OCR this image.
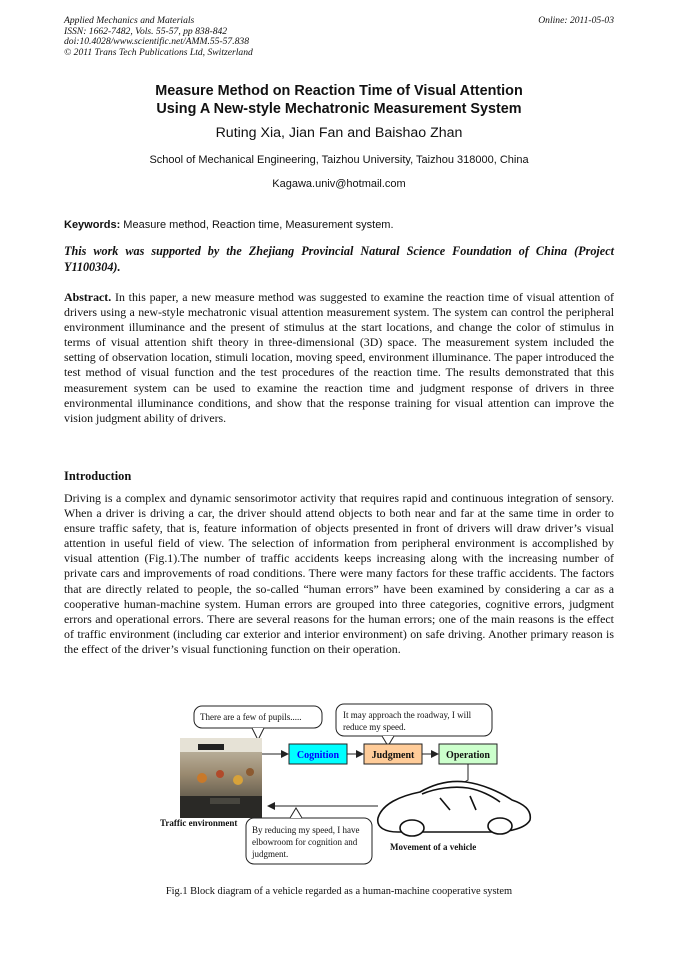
Applied Mechanics and Materials
ISSN: 1662-7482, Vols. 55-57, pp 838-842
doi:10.4028/www.scientific.net/AMM.55-57.838
© 2011 Trans Tech Publications Ltd, Switzerland
Online: 2011-05-03
Measure Method on Reaction Time of Visual Attention
Using A New-style Mechatronic Measurement System
Ruting Xia, Jian Fan and Baishao Zhan
School of Mechanical Engineering, Taizhou University, Taizhou 318000, China
Kagawa.univ@hotmail.com
Keywords: Measure method, Reaction time, Measurement system.
This work was supported by the Zhejiang Provincial Natural Science Foundation of China (Project Y1100304).

Abstract. In this paper, a new measure method was suggested to examine the reaction time of visual attention of drivers using a new-style mechatronic visual attention measurement system. The system can control the peripheral environment illuminance and the present of stimulus at the start locations, and change the color of stimulus in terms of visual attention shift theory in three-dimensional (3D) space. The measurement system included the setting of observation location, stimuli location, moving speed, environment illuminance. The paper introduced the test method of visual function and the test procedures of the reaction time. The results demonstrated that this measurement system can be used to examine the reaction time and judgment response of drivers in three environmental illuminance conditions, and show that the response training for visual attention can improve the vision judgment ability of drivers.

Introduction

Driving is a complex and dynamic sensorimotor activity that requires rapid and continuous integration of sensory. When a driver is driving a car, the driver should attend objects to both near and far at the same time in order to ensure traffic safety, that is, feature information of objects presented in front of drivers will draw driver’s visual attention in useful field of view. The selection of information from peripheral environment is accomplished by visual attention (Fig.1).The number of traffic accidents keeps increasing along with the increasing number of private cars and improvements of road conditions. There were many factors for these traffic accidents. The factors that are directly related to people, the so-called “human errors” have been examined by considering a car as a cooperative human-machine system. Human errors are grouped into three categories, cognitive errors, judgment errors and operational errors. There are several reasons for the human errors; one of the main reasons is the effect of traffic environment (including car exterior and interior environment) on safe driving. Another primary reason is the effect of the driver’s visual functioning function on their operation.

There are a few of pupils.....	It may approach the roadway, I will
reduce my speed.
Cognition	Judgment	Operation
Traffic environment
By reducing my speed, I have
elbowroom for cognition and
judgment.
Movement of a vehicle
Fig.1 Block diagram of a vehicle regarded as a human-machine cooperative system
